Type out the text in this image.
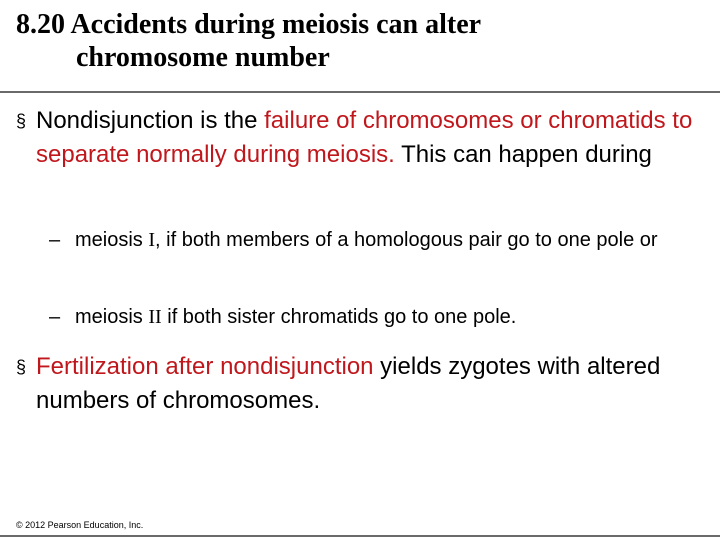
8.20 Accidents during meiosis can alter
chromosome number
§ Nondisjunction is the failure of chromosomes or chromatids to separate normally during meiosis. This can happen during
– meiosis I, if both members of a homologous pair go to one pole or
– meiosis II if both sister chromatids go to one pole.
§ Fertilization after nondisjunction yields zygotes with altered numbers of chromosomes.
© 2012 Pearson Education, Inc.
